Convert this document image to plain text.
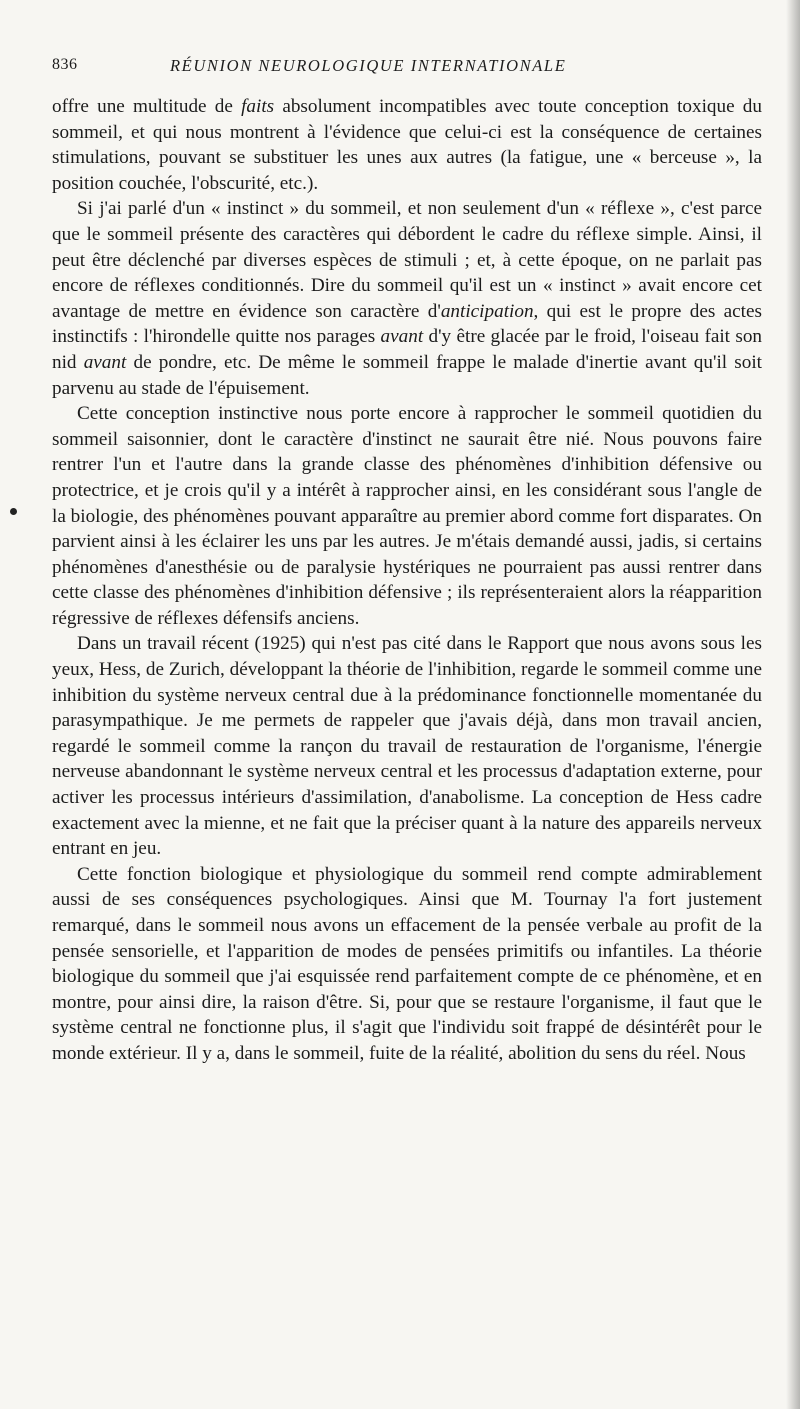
836	RÉUNION NEUROLOGIQUE INTERNATIONALE

offre une multitude de faits absolument incompatibles avec toute conception toxique du sommeil, et qui nous montrent à l'évidence que celui-ci est la conséquence de certaines stimulations, pouvant se substituer les unes aux autres (la fatigue, une « berceuse », la position couchée, l'obscurité, etc.).

Si j'ai parlé d'un « instinct » du sommeil, et non seulement d'un « réflexe », c'est parce que le sommeil présente des caractères qui débordent le cadre du réflexe simple. Ainsi, il peut être déclenché par diverses espèces de stimuli ; et, à cette époque, on ne parlait pas encore de réflexes conditionnés. Dire du sommeil qu'il est un « instinct » avait encore cet avantage de mettre en évidence son caractère d'anticipation, qui est le propre des actes instinctifs : l'hirondelle quitte nos parages avant d'y être glacée par le froid, l'oiseau fait son nid avant de pondre, etc. De même le sommeil frappe le malade d'inertie avant qu'il soit parvenu au stade de l'épuisement.

Cette conception instinctive nous porte encore à rapprocher le sommeil quotidien du sommeil saisonnier, dont le caractère d'instinct ne saurait être nié. Nous pouvons faire rentrer l'un et l'autre dans la grande classe des phénomènes d'inhibition défensive ou protectrice, et je crois qu'il y a intérêt à rapprocher ainsi, en les considérant sous l'angle de la biologie, des phénomènes pouvant apparaître au premier abord comme fort disparates. On parvient ainsi à les éclairer les uns par les autres. Je m'étais demandé aussi, jadis, si certains phénomènes d'anesthésie ou de paralysie hystériques ne pourraient pas aussi rentrer dans cette classe des phénomènes d'inhibition défensive ; ils représenteraient alors la réapparition régressive de réflexes défensifs anciens.

Dans un travail récent (1925) qui n'est pas cité dans le Rapport que nous avons sous les yeux, Hess, de Zurich, développant la théorie de l'inhibition, regarde le sommeil comme une inhibition du système nerveux central due à la prédominance fonctionnelle momentanée du parasympathique. Je me permets de rappeler que j'avais déjà, dans mon travail ancien, regardé le sommeil comme la rançon du travail de restauration de l'organisme, l'énergie nerveuse abandonnant le système nerveux central et les processus d'adaptation externe, pour activer les processus intérieurs d'assimilation, d'anabolisme. La conception de Hess cadre exactement avec la mienne, et ne fait que la préciser quant à la nature des appareils nerveux entrant en jeu.

Cette fonction biologique et physiologique du sommeil rend compte admirablement aussi de ses conséquences psychologiques. Ainsi que M. Tournay l'a fort justement remarqué, dans le sommeil nous avons un effacement de la pensée verbale au profit de la pensée sensorielle, et l'apparition de modes de pensées primitifs ou infantiles. La théorie biologique du sommeil que j'ai esquissée rend parfaitement compte de ce phénomène, et en montre, pour ainsi dire, la raison d'être. Si, pour que se restaure l'organisme, il faut que le système central ne fonctionne plus, il s'agit que l'individu soit frappé de désintérêt pour le monde extérieur. Il y a, dans le sommeil, fuite de la réalité, abolition du sens du réel. Nous
